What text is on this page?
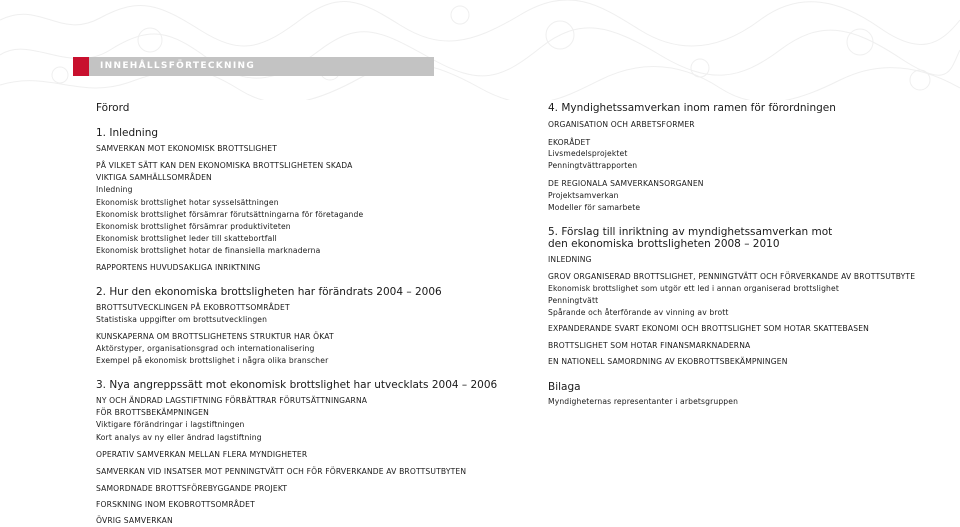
INNEHÅLLSFÖRTECKNING
Förord
1. Inledning
SAMVERKAN MOT EKONOMISK BROTTSLIGHET
PÅ VILKET SÄTT KAN DEN EKONOMISKA BROTTSLIGHETEN SKADA
VIKTIGA SAMHÄLLSOMRÅDEN
Inledning
Ekonomisk brottslighet hotar sysselsättningen
Ekonomisk brottslighet försämrar förutsättningarna för företagande
Ekonomisk brottslighet försämrar produktiviteten
Ekonomisk brottslighet leder till skattebortfall
Ekonomisk brottslighet hotar de finansiella marknaderna
RAPPORTENS HUVUDSAKLIGA INRIKTNING
2. Hur den ekonomiska brottsligheten har förändrats 2004 – 2006
BROTTSUTVECKLINGEN PÅ EKOBROTTSOMRÅDET
Statistiska uppgifter om brottsutvecklingen
KUNSKAPERNA OM BROTTSLIGHETENS STRUKTUR HAR ÖKAT
Aktörstyper, organisationsgrad och internationalisering
Exempel på ekonomisk brottslighet i några olika branscher
3. Nya angreppssätt mot ekonomisk brottslighet har utvecklats 2004 – 2006
NY OCH ÄNDRAD LAGSTIFTNING FÖRBÄTTRAR FÖRUTSÄTTNINGARNA
FÖR BROTTSBEKÄMPNINGEN
Viktigare förändringar i lagstiftningen
Kort analys av ny eller ändrad lagstiftning
OPERATIV SAMVERKAN MELLAN FLERA MYNDIGHETER
SAMVERKAN VID INSATSER MOT PENNINGTVÄTT OCH FÖR FÖRVERKANDE AV BROTTSUTBYTEN
SAMORDNADE BROTTSFÖREBYGGANDE PROJEKT
FORSKNING INOM EKOBROTTSOMRÅDET
ÖVRIG SAMVERKAN
4. Myndighetssamverkan inom ramen för förordningen
ORGANISATION OCH ARBETSFORMER
EKORÅDET
Livsmedelsprojektet
Penningtvättrapporten
DE REGIONALA SAMVERKANSORGANEN
Projektsamverkan
Modeller för samarbete
5. Förslag till inriktning av myndighetssamverkan mot
den ekonomiska brottsligheten 2008 – 2010
INLEDNING
GROV ORGANISERAD BROTTSLIGHET, PENNINGTVÄTT OCH FÖRVERKANDE AV BROTTSUTBYTE
Ekonomisk brottslighet som utgör ett led i annan organiserad brottslighet
Penningtvätt
Spårande och återförande av vinning av brott
EXPANDERANDE SVART EKONOMI OCH BROTTSLIGHET SOM HOTAR SKATTEBASEN
BROTTSLIGHET SOM HOTAR FINANSMARKNADERNA
EN NATIONELL SAMORDNING AV EKOBROTTSBEKÄMPNINGEN
Bilaga
Myndigheternas representanter i arbetsgruppen
